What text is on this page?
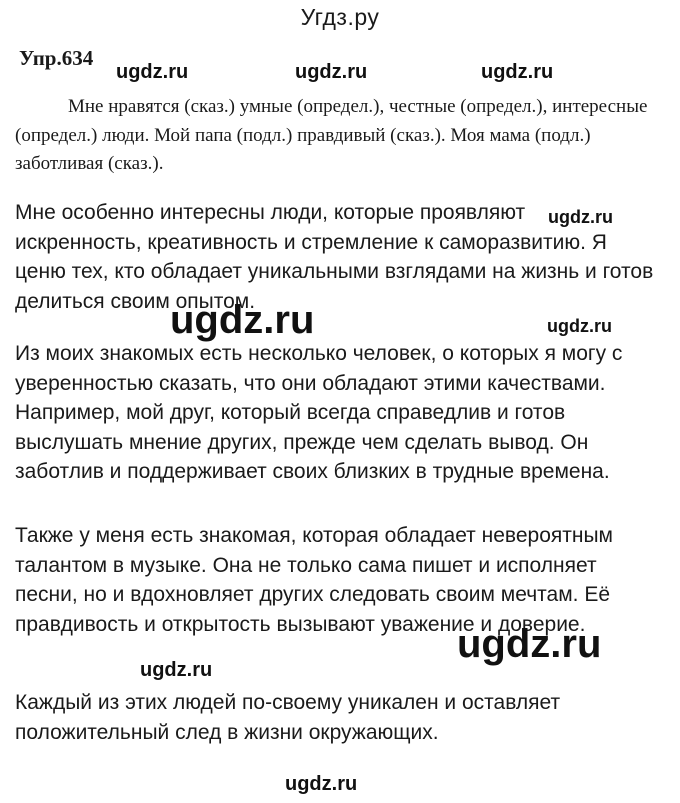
Угдз.ру
Упр.634

Мне нравятся (сказ.) умные (определ.), честные (определ.), интересные (определ.) люди. Мой папа (подл.) правдивый (сказ.). Моя мама (подл.) заботливая (сказ.).

Мне особенно интересны люди, которые проявляют искренность, креативность и стремление к саморазвитию. Я ценю тех, кто обладает уникальными взглядами на жизнь и готов делиться своим опытом.

Из моих знакомых есть несколько человек, о которых я могу с уверенностью сказать, что они обладают этими качествами. Например, мой друг, который всегда справедлив и готов выслушать мнение других, прежде чем сделать вывод. Он заботлив и поддерживает своих близких в трудные времена.

Также у меня есть знакомая, которая обладает невероятным талантом в музыке. Она не только сама пишет и исполняет песни, но и вдохновляет других следовать своим мечтам. Её правдивость и открытость вызывают уважение и доверие.

Каждый из этих людей по-своему уникален и оставляет положительный след в жизни окружающих.

ugdz.ru	ugdz.ru	ugdz.ru
ugdz.ru
ugdz.ru	ugdz.ru
ugdz.ru
ugdz.ru
ugdz.ru
